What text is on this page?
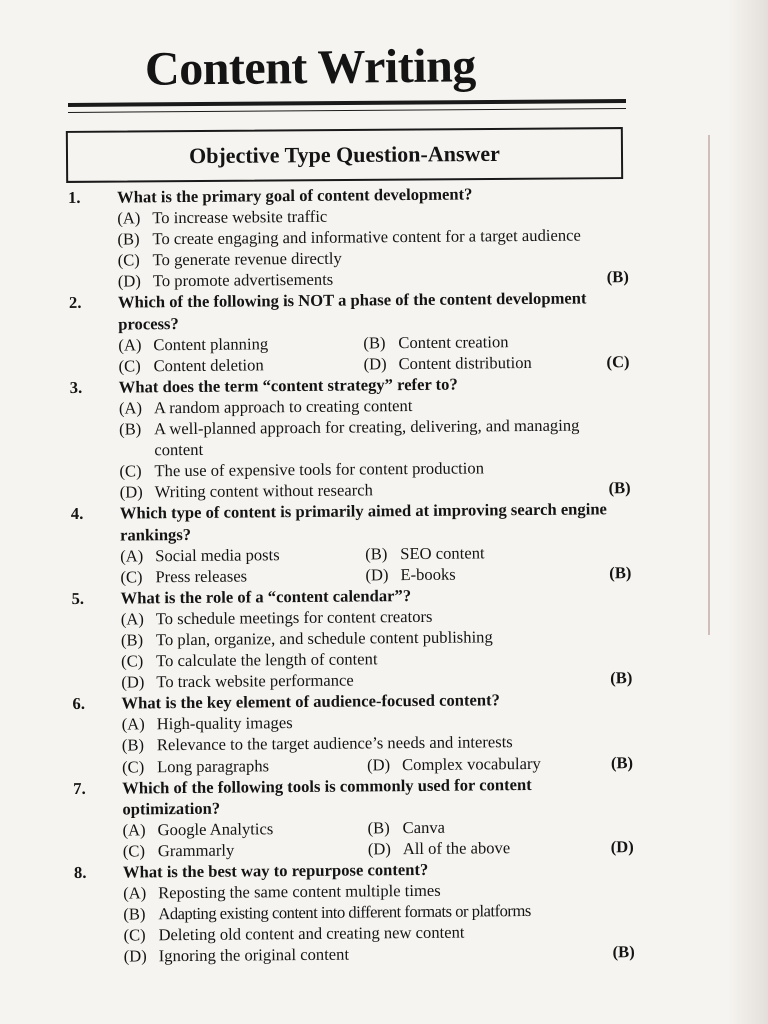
Content Writing
Objective Type Question-Answer
1.	What is the primary goal of content development?
(A) To increase website traffic
(B) To create engaging and informative content for a target audience
(C) To generate revenue directly
(D) To promote advertisements	(B)
2.	Which of the following is NOT a phase of the content development process?
(A) Content planning	(B) Content creation
(C) Content deletion	(D) Content distribution	(C)
3.	What does the term “content strategy” refer to?
(A) A random approach to creating content
(B) A well-planned approach for creating, delivering, and managing content
(C) The use of expensive tools for content production
(D) Writing content without research	(B)
4.	Which type of content is primarily aimed at improving search engine rankings?
(A) Social media posts	(B) SEO content
(C) Press releases	(D) E-books	(B)
5.	What is the role of a “content calendar”?
(A) To schedule meetings for content creators
(B) To plan, organize, and schedule content publishing
(C) To calculate the length of content
(D) To track website performance	(B)
6.	What is the key element of audience-focused content?
(A) High-quality images
(B) Relevance to the target audience’s needs and interests
(C) Long paragraphs	(D) Complex vocabulary	(B)
7.	Which of the following tools is commonly used for content optimization?
(A) Google Analytics	(B) Canva
(C) Grammarly	(D) All of the above	(D)
8.	What is the best way to repurpose content?
(A) Reposting the same content multiple times
(B) Adapting existing content into different formats or platforms
(C) Deleting old content and creating new content
(D) Ignoring the original content	(B)
